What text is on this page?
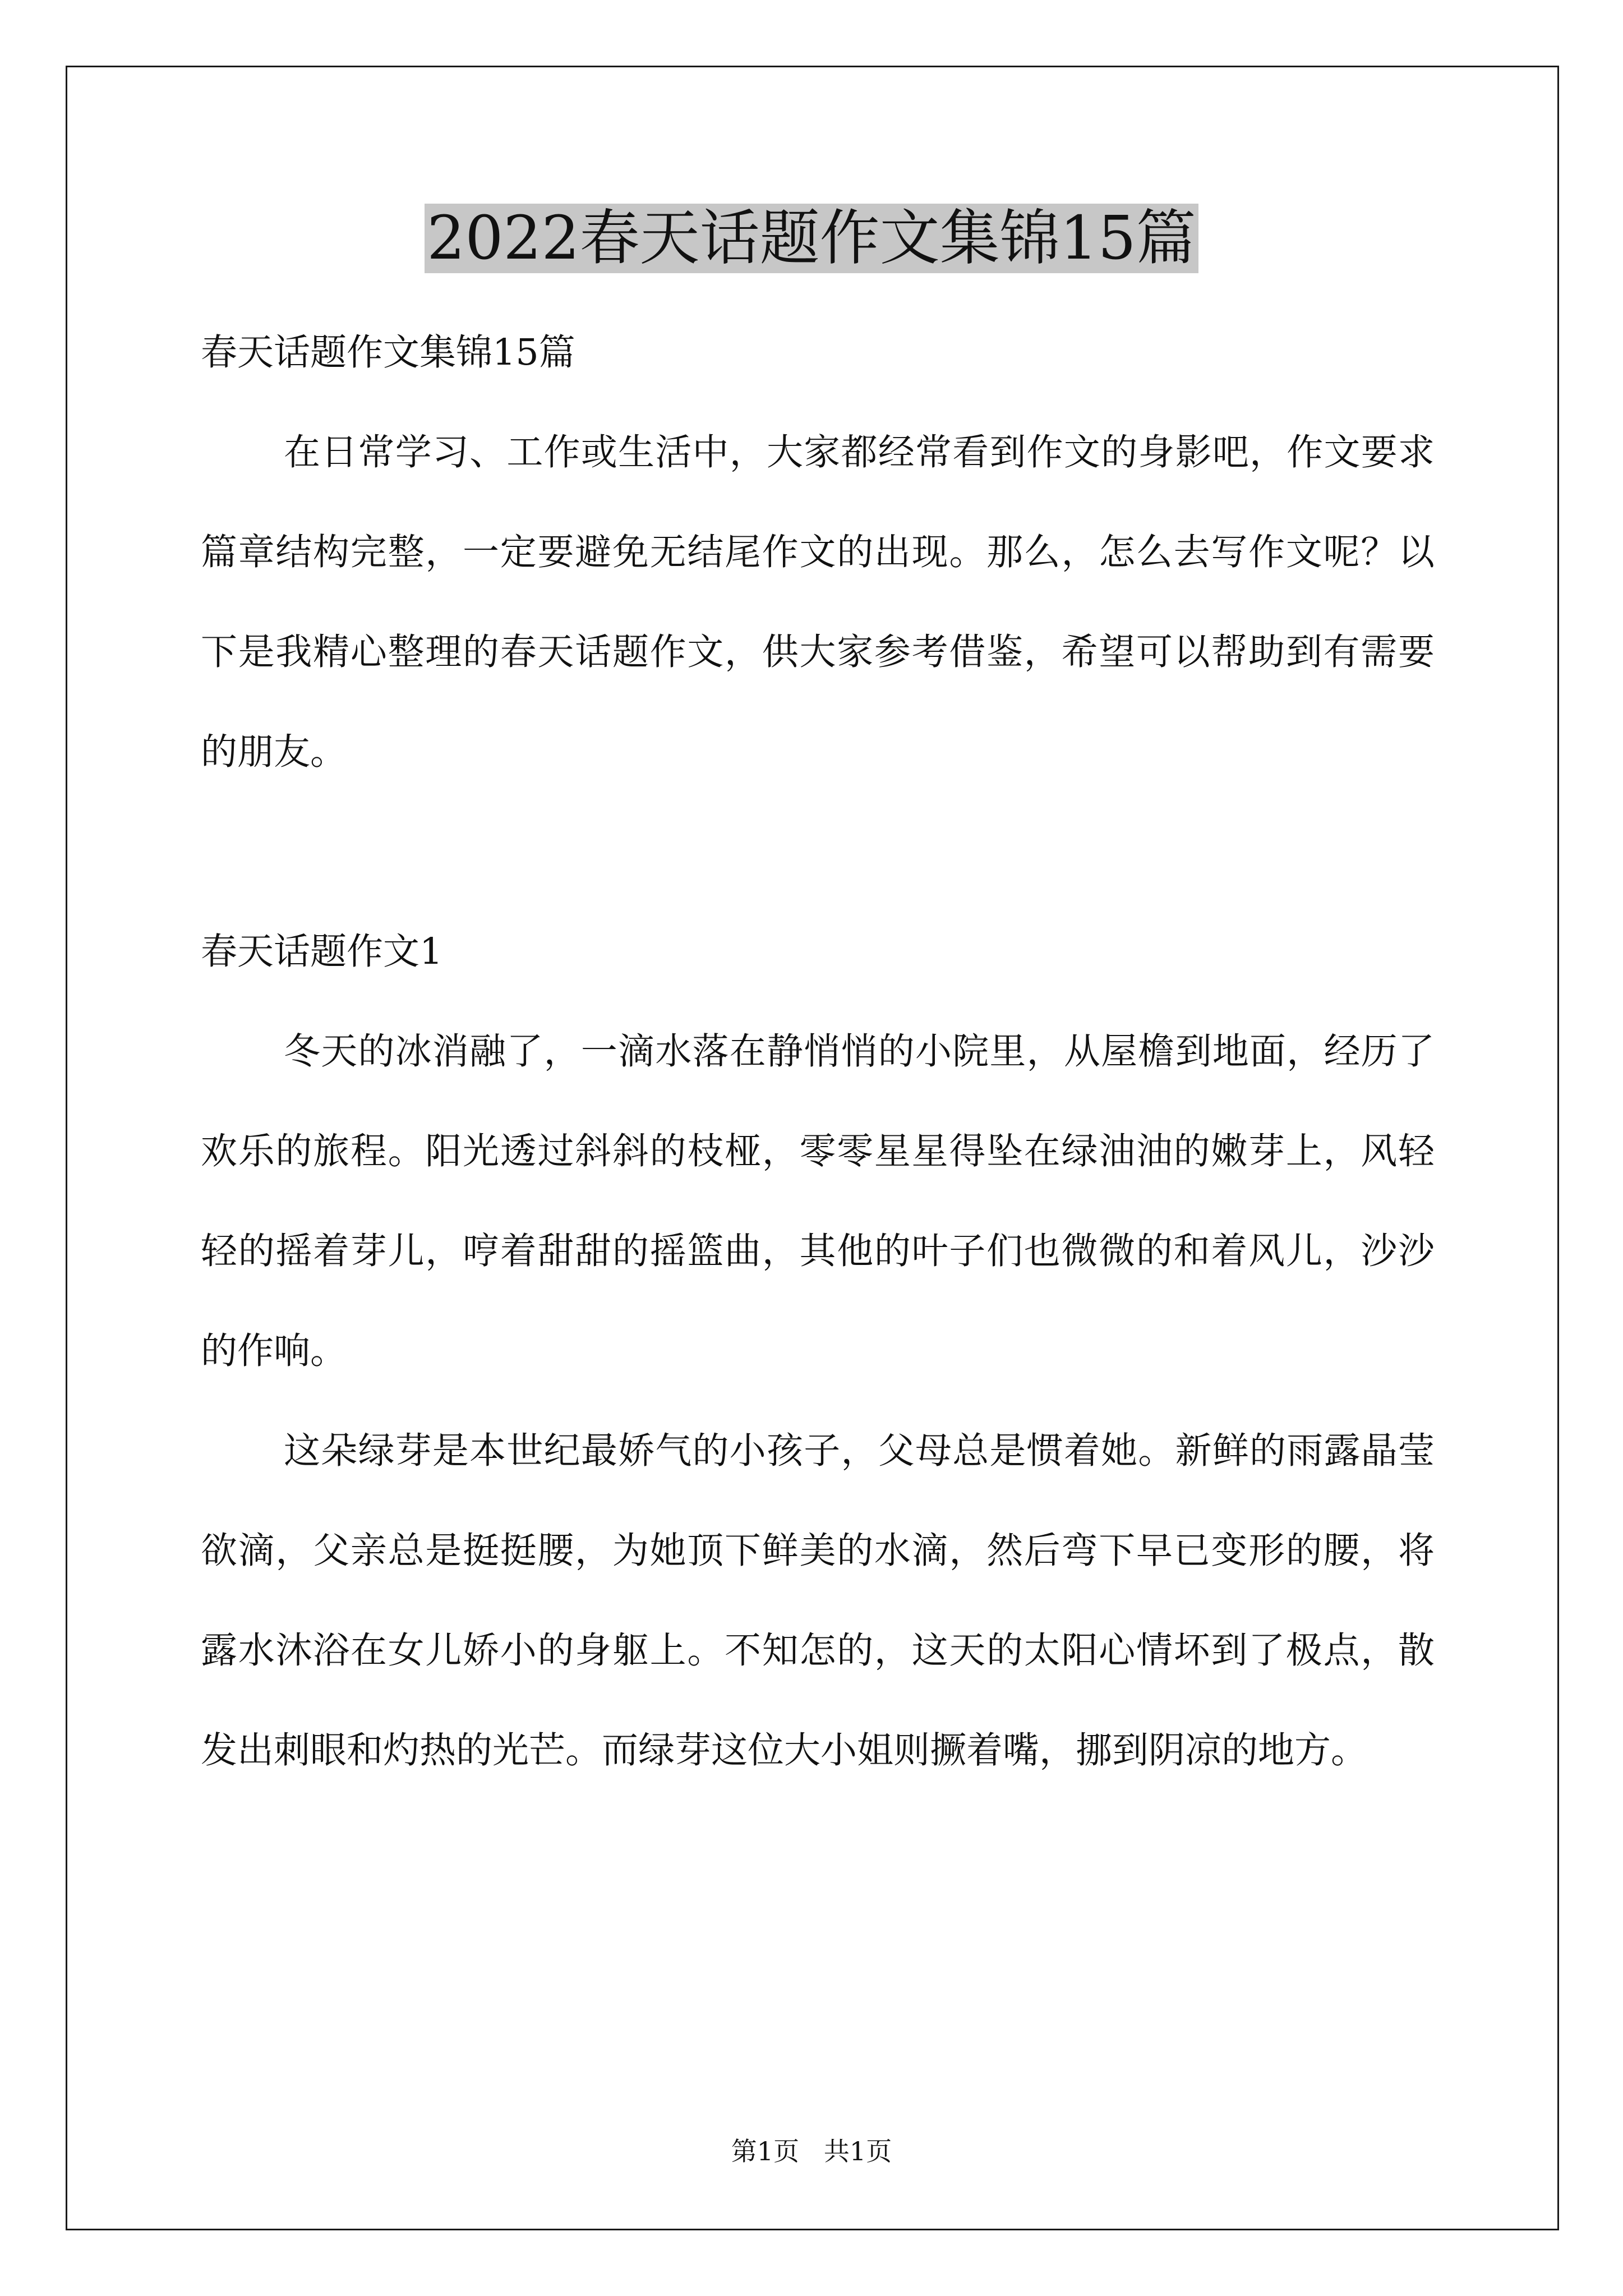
2022春天话题作文集锦15篇

春天话题作文集锦15篇

在日常学习、工作或生活中，大家都经常看到作文的身影吧，作文要求篇章结构完整，一定要避免无结尾作文的出现。那么，怎么去写作文呢？以下是我精心整理的春天话题作文，供大家参考借鉴，希望可以帮助到有需要的朋友。

春天话题作文1

冬天的冰消融了，一滴水落在静悄悄的小院里，从屋檐到地面，经历了欢乐的旅程。阳光透过斜斜的枝桠，零零星星得坠在绿油油的嫩芽上，风轻轻的摇着芽儿，哼着甜甜的摇篮曲，其他的叶子们也微微的和着风儿，沙沙的作响。

这朵绿芽是本世纪最娇气的小孩子，父母总是惯着她。新鲜的雨露晶莹欲滴，父亲总是挺挺腰，为她顶下鲜美的水滴，然后弯下早已变形的腰，将露水沐浴在女儿娇小的身躯上。不知怎的，这天的太阳心情坏到了极点，散发出刺眼和灼热的光芒。而绿芽这位大小姐则撅着嘴，挪到阴凉的地方。

第1页   共1页
